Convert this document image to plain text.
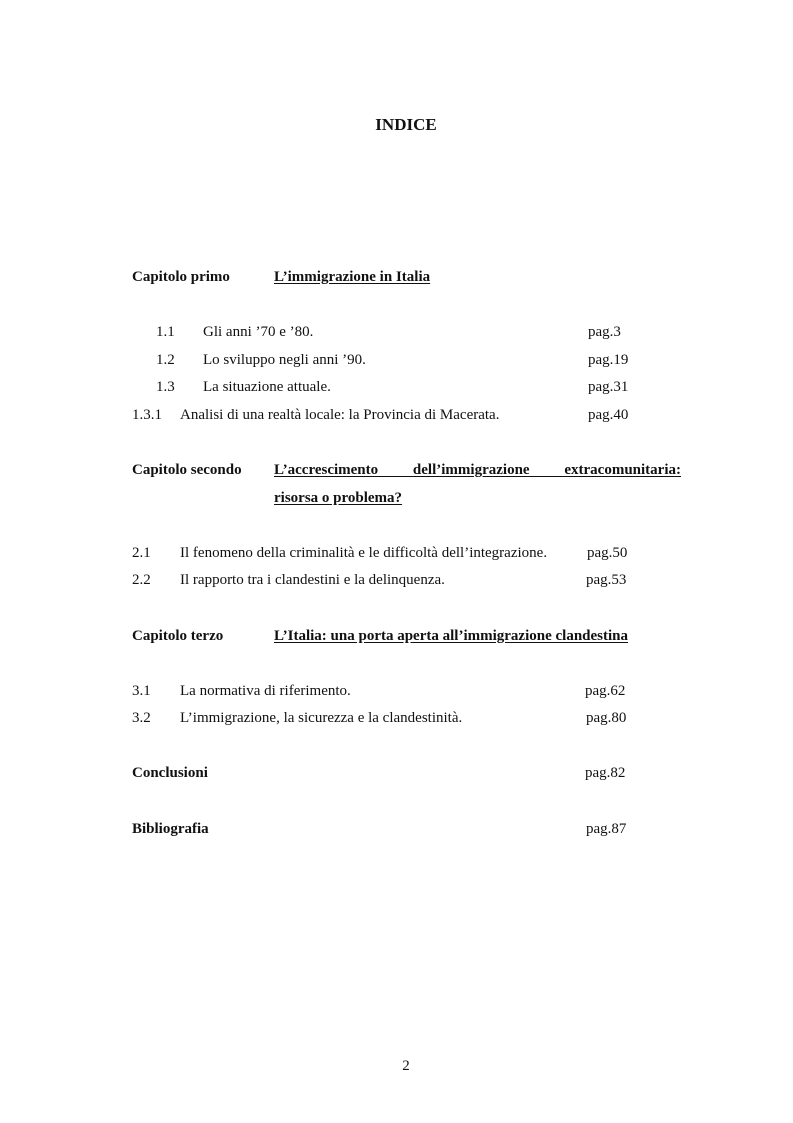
INDICE
Capitolo primo	L’immigrazione in Italia
1.1 Gli anni ’70 e ’80.	pag.3
1.2 Lo sviluppo negli anni ’90.	pag.19
1.3 La situazione attuale.	pag.31
1.3.1 Analisi di una realtà locale: la Provincia di Macerata.	pag.40
Capitolo secondo L’accrescimento dell’immigrazione extracomunitaria:
risorsa o problema?
2.1 Il fenomeno della criminalità e le difficoltà dell’integrazione.	pag.50
2.2 Il rapporto tra i clandestini e la delinquenza.	pag.53
Capitolo terzo	L’Italia: una porta aperta all’immigrazione clandestina
3.1 La normativa di riferimento.	pag.62
3.2 L’immigrazione, la sicurezza e la clandestinità.	pag.80
Conclusioni	pag.82
Bibliografia	pag.87
2
